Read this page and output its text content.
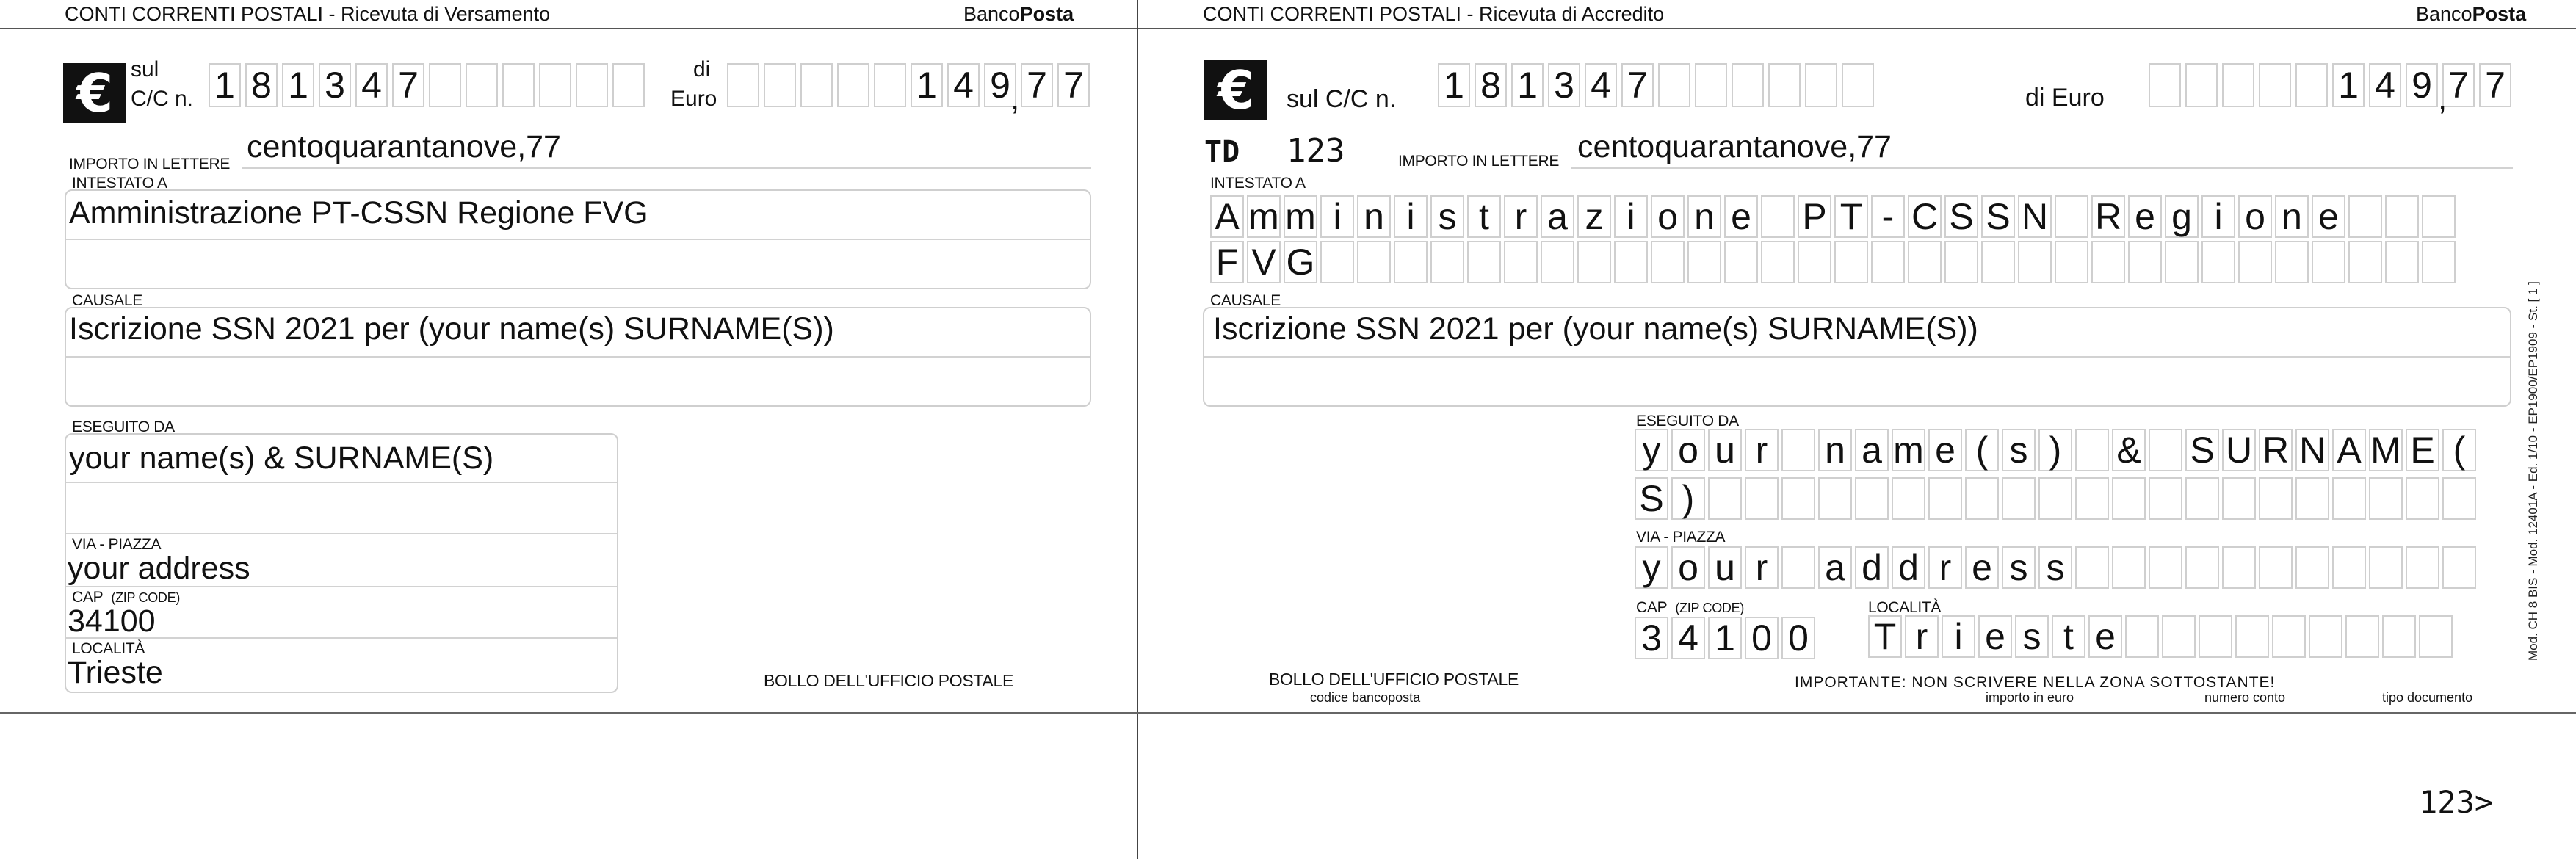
CONTI CORRENTI POSTALI - Ricevuta di Versamento	BancoPosta
€ sul
C/C n. 1 8 1 3 4 7	di
Euro	1 4 9 7 7
,
IMPORTO IN LETTERE centoquarantanove,77
INTESTATO A
Amministrazione PT-CSSN Regione FVG
CAUSALE
Iscrizione SSN 2021 per (your name(s) SURNAME(S))
ESEGUITO DA
your name(s) & SURNAME(S)
VIA - PIAZZA
your address
CAP (ZIP CODE)
34100
LOCALITÀ
Trieste	BOLLO DELL'UFFICIO POSTALE
CONTI CORRENTI POSTALI - Ricevuta di Accredito	BancoPosta
€	sul C/C n. 1 8 1 3 4 7	di Euro	1 4 9 7 7
,
TD 123	IMPORTO IN LETTERE centoquarantanove,77
INTESTATO A
A m m i n i s t r a z i o n e P T - C S S N R e g i o n e
F V G
CAUSALE
Iscrizione SSN 2021 per (your name(s) SURNAME(S))
ESEGUITO DA
y o u r n a m e ( s ) & S U R N A M E (
S )
VIA - PIAZZA
y o u r a d d r e s s
CAP (ZIP CODE)
3 4 1 0 0
LOCALITÀ
T r i e s t e
BOLLO DELL'UFFICIO POSTALE
codice bancoposta
IMPORTANTE: NON SCRIVERE NELLA ZONA SOTTOSTANTE!
importo in euro	numero conto	tipo documento
Mod. CH 8 BIS - Mod. 12401A - Ed. 1/10 - EP1900/EP1909 - St. [ 1 ]
123>
